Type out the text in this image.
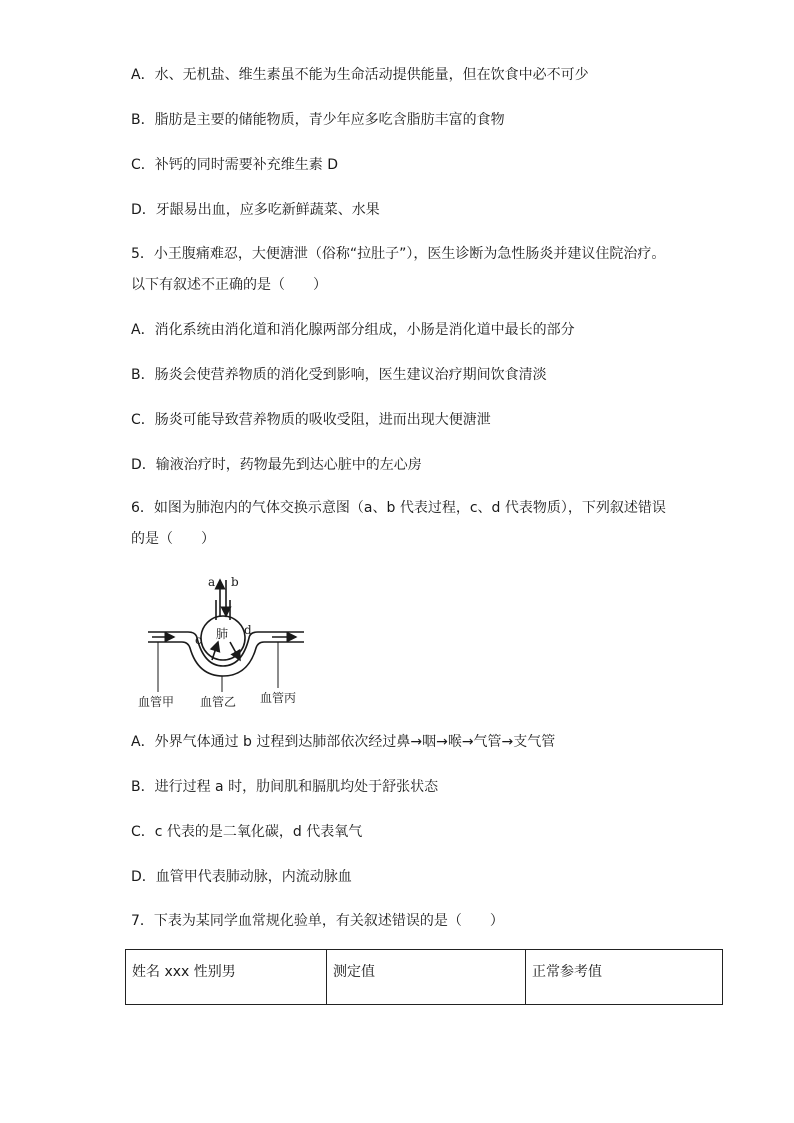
A．水、无机盐、维生素虽不能为生命活动提供能量，但在饮食中必不可少
B．脂肪是主要的储能物质，青少年应多吃含脂肪丰富的食物
C．补钙的同时需要补充维生素 D
D．牙龈易出血，应多吃新鲜蔬菜、水果
5．小王腹痛难忍，大便溏泄（俗称“拉肚子”），医生诊断为急性肠炎并建议住院治疗。
以下有叙述不正确的是（　　）
A．消化系统由消化道和消化腺两部分组成，小肠是消化道中最长的部分
B．肠炎会使营养物质的消化受到影响，医生建议治疗期间饮食清淡
C．肠炎可能导致营养物质的吸收受阻，进而出现大便溏泄
D．输液治疗时，药物最先到达心脏中的左心房
6．如图为肺泡内的气体交换示意图（a、b 代表过程，c、d 代表物质），下列叙述错误
的是（　　）
a b
c
d
肺
血管甲 血管乙 血管丙
A．外界气体通过 b 过程到达肺部依次经过鼻→咽→喉→气管→支气管
B．进行过程 a 时，肋间肌和膈肌均处于舒张状态
C．c 代表的是二氧化碳，d 代表氧气
D．血管甲代表肺动脉，内流动脉血
7．下表为某同学血常规化验单，有关叙述错误的是（　　）
姓名 xxx 性别男	测定值	正常参考值
